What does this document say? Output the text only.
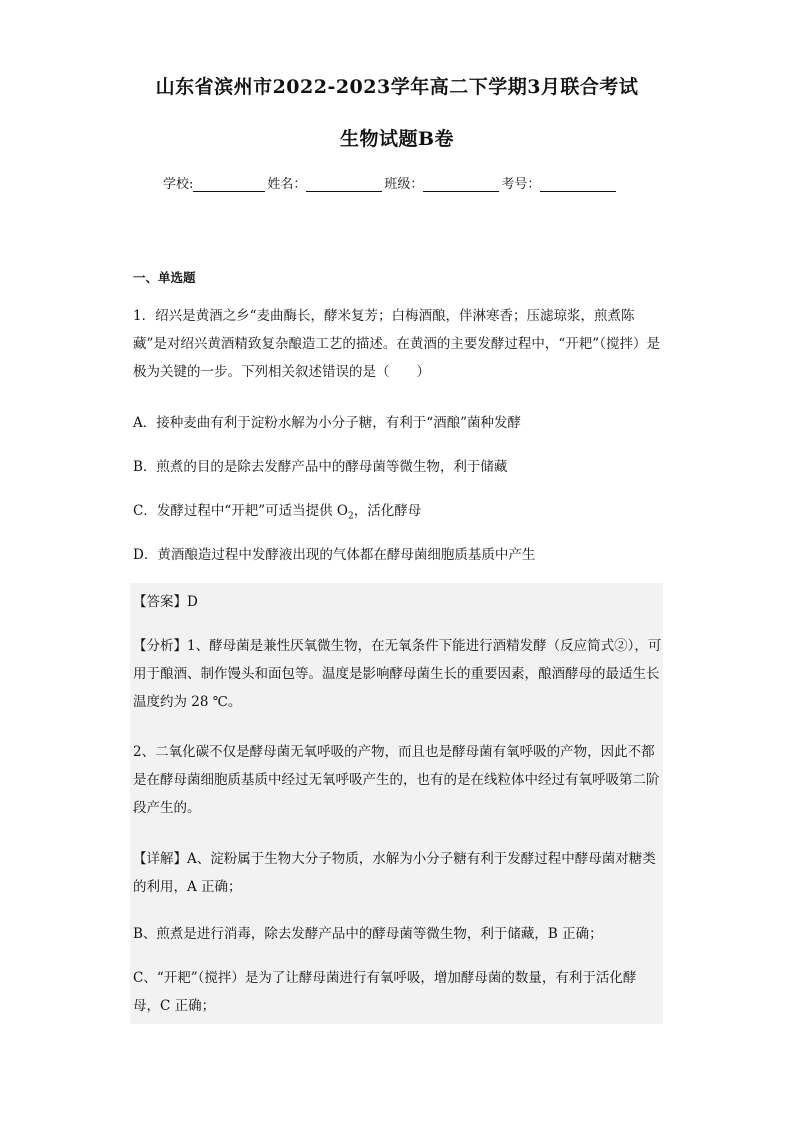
山东省滨州市2022-2023学年高二下学期3月联合考试
生物试题B卷
学校:	姓名：	班级：	考号：
一、单选题

1．绍兴是黄酒之乡“麦曲酶长，酵米复芳；白梅酒酿，伴淋寒香；压滤琼浆，煎煮陈藏”是对绍兴黄酒精致复杂酿造工艺的描述。在黄酒的主要发酵过程中，“开耙”（搅拌）是极为关键的一步。下列相关叙述错误的是（　　）

A．接种麦曲有利于淀粉水解为小分子糖，有利于“酒酿”菌种发酵

B．煎煮的目的是除去发酵产品中的酵母菌等微生物，利于储藏

C．发酵过程中“开耙”可适当提供 $O_2$，活化酵母

D．黄酒酿造过程中发酵液出现的气体都在酵母菌细胞质基质中产生

【答案】D

【分析】1、酵母菌是兼性厌氧微生物，在无氧条件下能进行酒精发酵（反应简式②），可用于酿酒、制作馒头和面包等。温度是影响酵母菌生长的重要因素，酿酒酵母的最适生长温度约为 28 ℃。

2、二氧化碳不仅是酵母菌无氧呼吸的产物，而且也是酵母菌有氧呼吸的产物，因此不都是在酵母菌细胞质基质中经过无氧呼吸产生的，也有的是在线粒体中经过有氧呼吸第二阶段产生的。

【详解】A、淀粉属于生物大分子物质，水解为小分子糖有利于发酵过程中酵母菌对糖类的利用，A 正确；

B、煎煮是进行消毒，除去发酵产品中的酵母菌等微生物，利于储藏，B 正确；

C、“开耙”（搅拌）是为了让酵母菌进行有氧呼吸，增加酵母菌的数量，有利于活化酵母，C 正确；
